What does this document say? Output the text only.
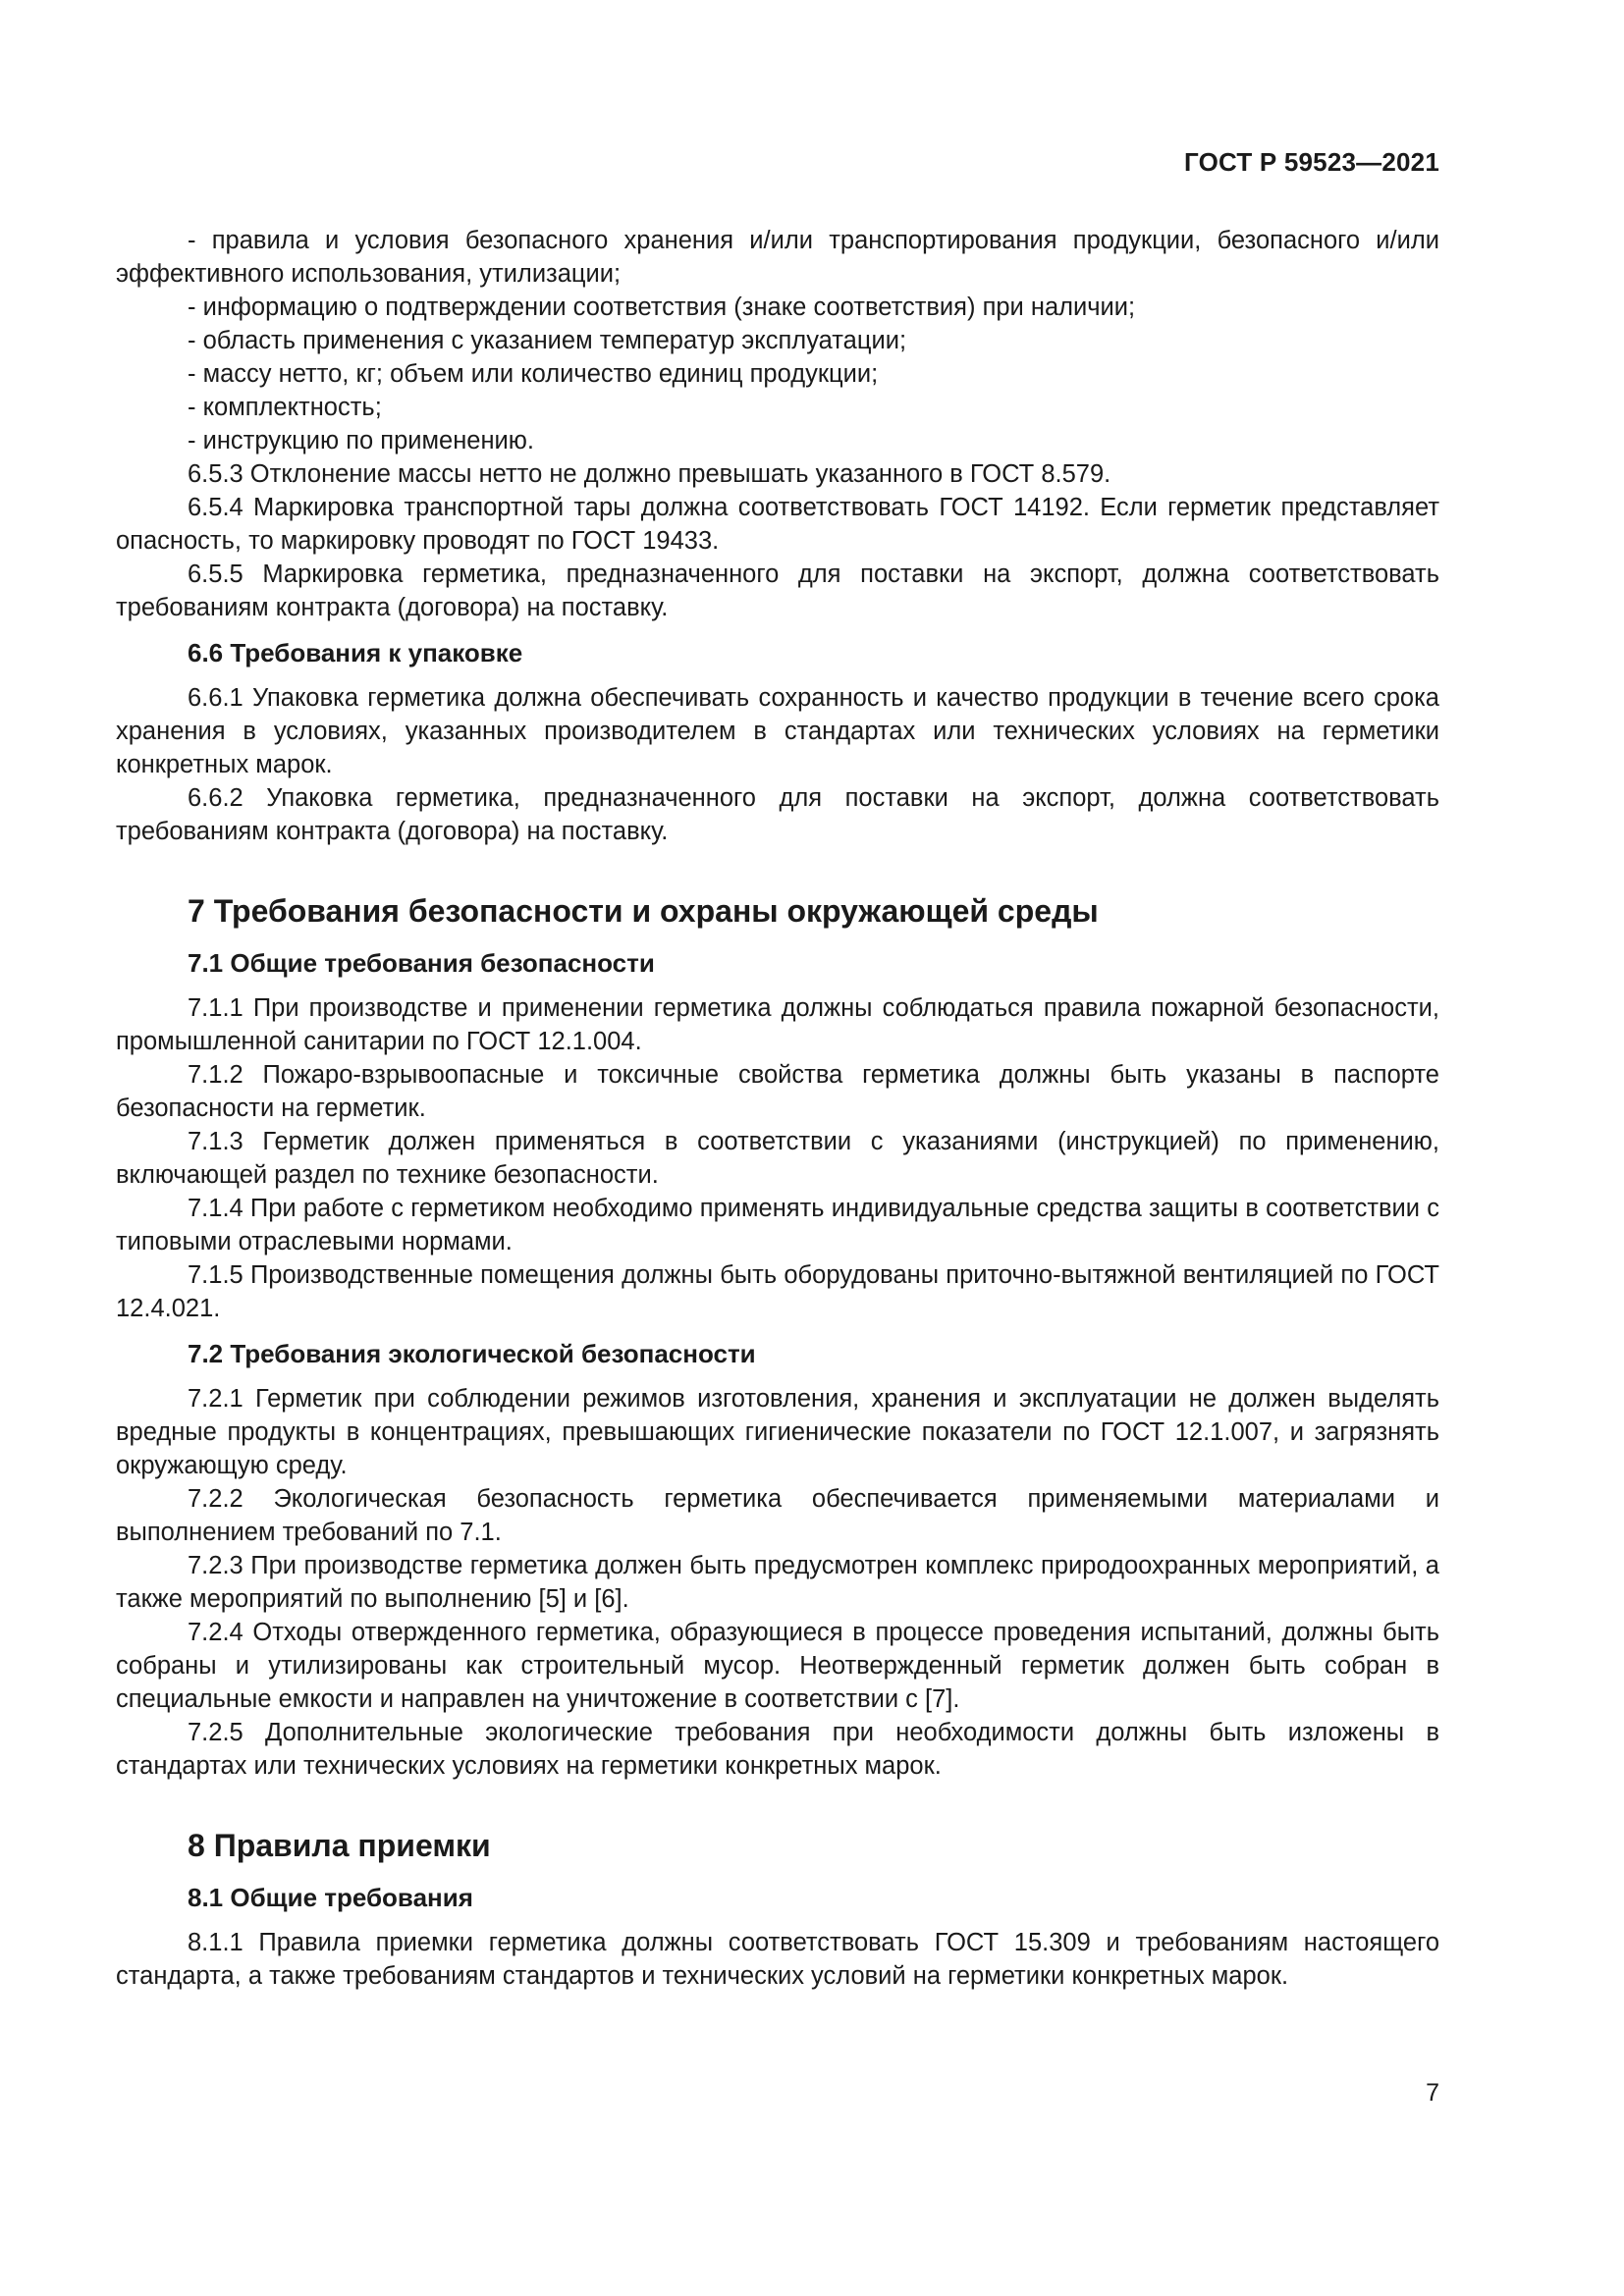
ГОСТ Р 59523—2021

- правила и условия безопасного хранения и/или транспортирования продукции, безопасного и/или эффективного использования, утилизации;

- информацию о подтверждении соответствия (знаке соответствия) при наличии;

- область применения с указанием температур эксплуатации;

- массу нетто, кг; объем или количество единиц продукции;

- комплектность;

- инструкцию по применению.

6.5.3 Отклонение массы нетто не должно превышать указанного в ГОСТ 8.579.

6.5.4 Маркировка транспортной тары должна соответствовать ГОСТ 14192. Если герметик представляет опасность, то маркировку проводят по ГОСТ 19433.

6.5.5 Маркировка герметика, предназначенного для поставки на экспорт, должна соответствовать требованиям контракта (договора) на поставку.

6.6 Требования к упаковке

6.6.1 Упаковка герметика должна обеспечивать сохранность и качество продукции в течение всего срока хранения в условиях, указанных производителем в стандартах или технических условиях на герметики конкретных марок.

6.6.2 Упаковка герметика, предназначенного для поставки на экспорт, должна соответствовать требованиям контракта (договора) на поставку.

7 Требования безопасности и охраны окружающей среды
7.1 Общие требования безопасности

7.1.1 При производстве и применении герметика должны соблюдаться правила пожарной безопасности, промышленной санитарии по ГОСТ 12.1.004.

7.1.2 Пожаро-взрывоопасные и токсичные свойства герметика должны быть указаны в паспорте безопасности на герметик.

7.1.3 Герметик должен применяться в соответствии с указаниями (инструкцией) по применению, включающей раздел по технике безопасности.

7.1.4 При работе с герметиком необходимо применять индивидуальные средства защиты в соответствии с типовыми отраслевыми нормами.

7.1.5 Производственные помещения должны быть оборудованы приточно-вытяжной вентиляцией по ГОСТ 12.4.021.

7.2 Требования экологической безопасности

7.2.1 Герметик при соблюдении режимов изготовления, хранения и эксплуатации не должен выделять вредные продукты в концентрациях, превышающих гигиенические показатели по ГОСТ 12.1.007, и загрязнять окружающую среду.

7.2.2 Экологическая безопасность герметика обеспечивается применяемыми материалами и выполнением требований по 7.1.

7.2.3 При производстве герметика должен быть предусмотрен комплекс природоохранных мероприятий, а также мероприятий по выполнению [5] и [6].

7.2.4 Отходы отвержденного герметика, образующиеся в процессе проведения испытаний, должны быть собраны и утилизированы как строительный мусор. Неотвержденный герметик должен быть собран в специальные емкости и направлен на уничтожение в соответствии с [7].

7.2.5 Дополнительные экологические требования при необходимости должны быть изложены в стандартах или технических условиях на герметики конкретных марок.

8 Правила приемки
8.1 Общие требования

8.1.1 Правила приемки герметика должны соответствовать ГОСТ 15.309 и требованиям настоящего стандарта, а также требованиям стандартов и технических условий на герметики конкретных марок.

7
